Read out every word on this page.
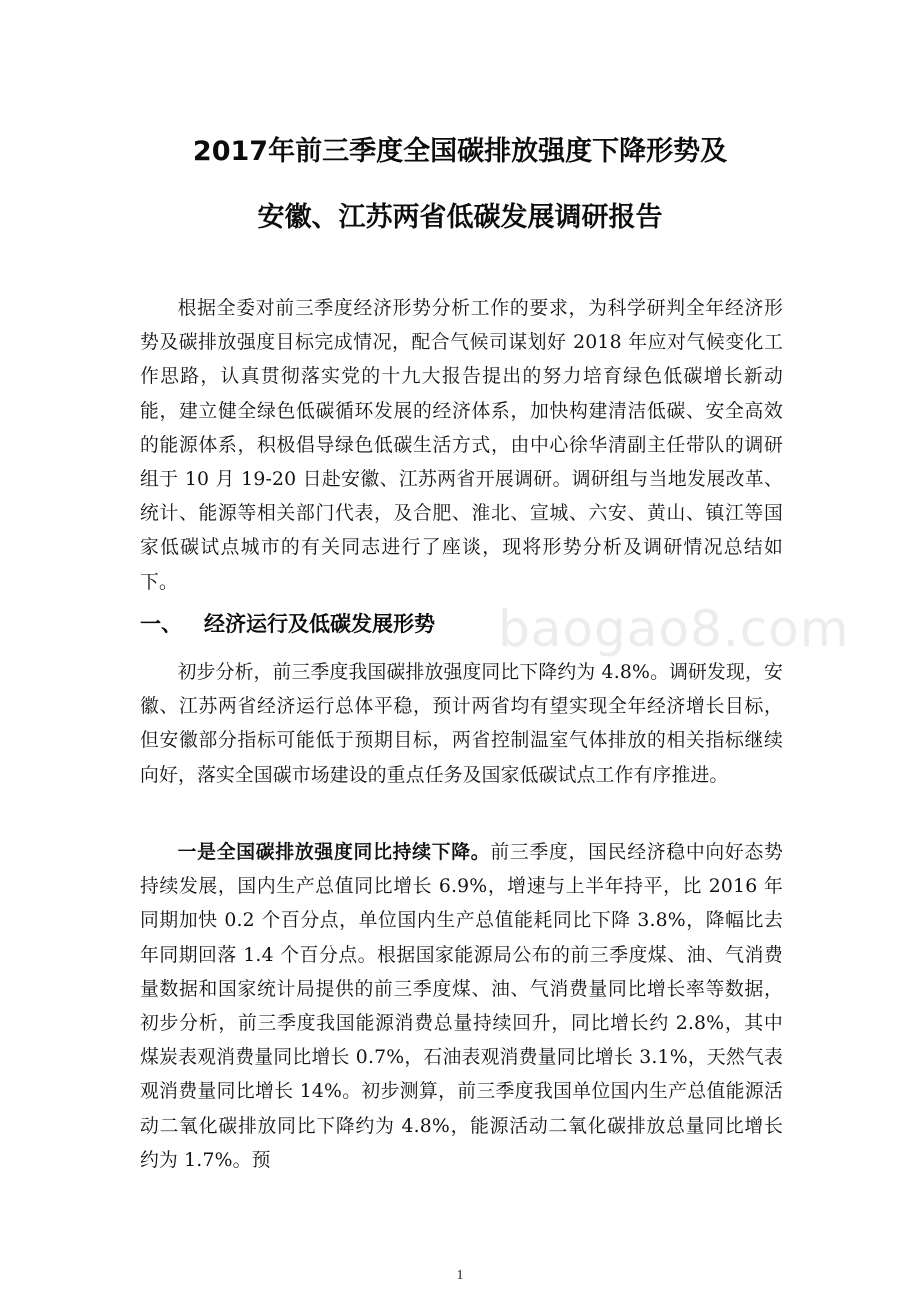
2017年前三季度全国碳排放强度下降形势及
安徽、江苏两省低碳发展调研报告

根据全委对前三季度经济形势分析工作的要求，为科学研判全年经济形势及碳排放强度目标完成情况，配合气候司谋划好 2018 年应对气候变化工作思路，认真贯彻落实党的十九大报告提出的努力培育绿色低碳增长新动能，建立健全绿色低碳循环发展的经济体系，加快构建清洁低碳、安全高效的能源体系，积极倡导绿色低碳生活方式，由中心徐华清副主任带队的调研组于 10 月 19-20 日赴安徽、江苏两省开展调研。调研组与当地发展改革、统计、能源等相关部门代表，及合肥、淮北、宣城、六安、黄山、镇江等国家低碳试点城市的有关同志进行了座谈，现将形势分析及调研情况总结如下。

一、 经济运行及低碳发展形势 baogao8.com

初步分析，前三季度我国碳排放强度同比下降约为 4.8%。调研发现，安徽、江苏两省经济运行总体平稳，预计两省均有望实现全年经济增长目标，但安徽部分指标可能低于预期目标，两省控制温室气体排放的相关指标继续向好，落实全国碳市场建设的重点任务及国家低碳试点工作有序推进。

一是全国碳排放强度同比持续下降。前三季度，国民经济稳中向好态势持续发展，国内生产总值同比增长 6.9%，增速与上半年持平，比 2016 年同期加快 0.2 个百分点，单位国内生产总值能耗同比下降 3.8%，降幅比去年同期回落 1.4 个百分点。根据国家能源局公布的前三季度煤、油、气消费量数据和国家统计局提供的前三季度煤、油、气消费量同比增长率等数据，初步分析，前三季度我国能源消费总量持续回升，同比增长约 2.8%，其中煤炭表观消费量同比增长 0.7%，石油表观消费量同比增长 3.1%，天然气表观消费量同比增长 14%。初步测算，前三季度我国单位国内生产总值能源活动二氧化碳排放同比下降约为 4.8%，能源活动二氧化碳排放总量同比增长约为 1.7%。预

1
